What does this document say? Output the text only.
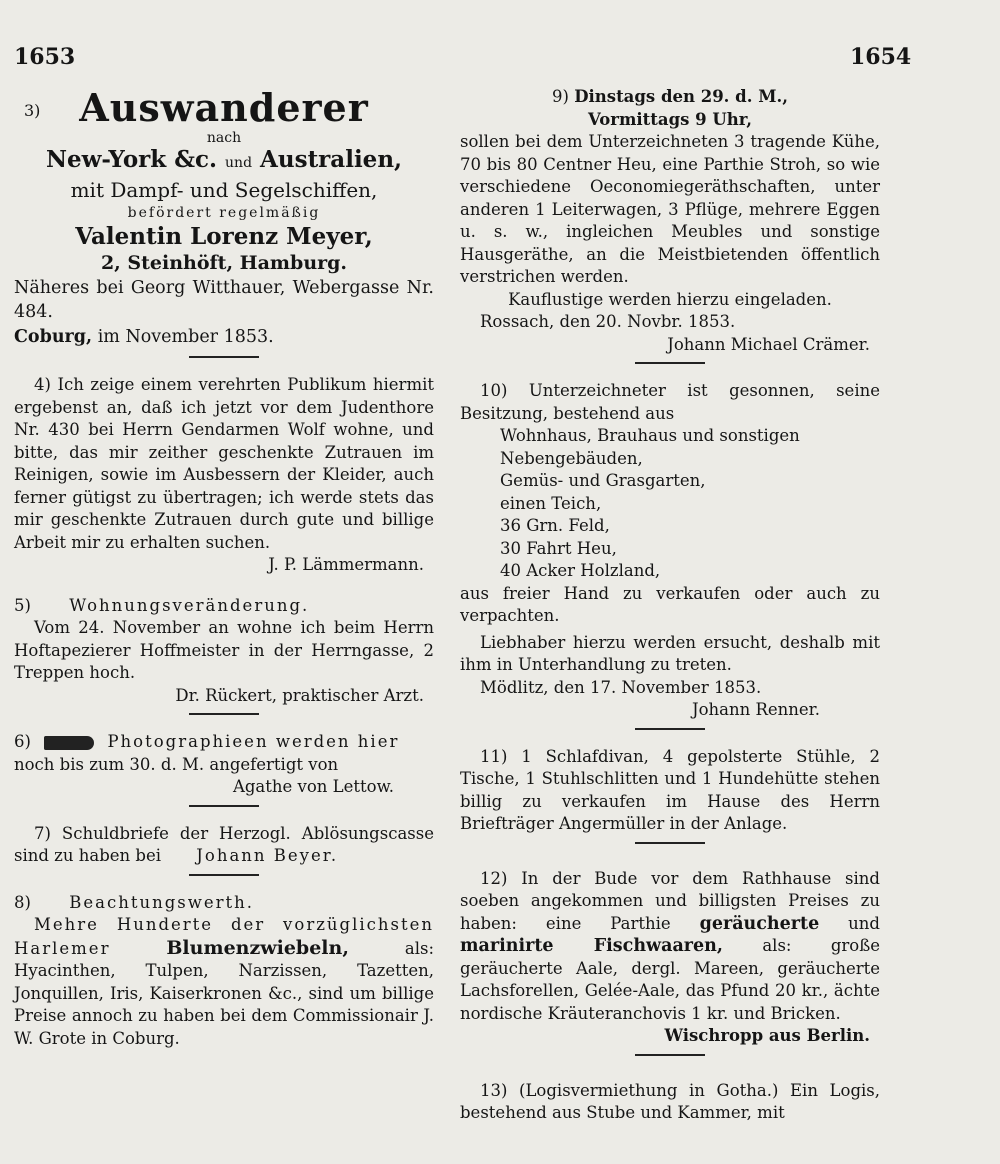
1653	1654
3) Auswanderer
nach
New-York &c. und Australien,
mit Dampf- und Segelschiffen,
befördert regelmäßig
Valentin Lorenz Meyer,
2, Steinhöft, Hamburg.
Näheres bei Georg Witthauer, Webergasse Nr. 484.
Coburg, im November 1853.
4) Ich zeige einem verehrten Publikum hiermit ergebenst an, daß ich jetzt vor dem Judenthore Nr. 430 bei Herrn Gendarmen Wolf wohne, und bitte, das mir zeither geschenkte Zutrauen im Reinigen, sowie im Ausbessern der Kleider, auch ferner gütigst zu übertragen; ich werde stets das mir geschenkte Zutrauen durch gute und billige Arbeit mir zu erhalten suchen.
J. P. Lämmermann.
5) Wohnungsveränderung.
Vom 24. November an wohne ich beim Herrn Hoftapezierer Hoffmeister in der Herrngasse, 2 Treppen hoch.
Dr. Rückert, praktischer Arzt.
6)	Photographieen werden hier
noch bis zum 30. d. M. angefertigt von
Agathe von Lettow.
7) Schuldbriefe der Herzogl. Ablösungscasse sind zu haben bei Johann Beyer.
8) Beachtungswerth.
Mehre Hunderte der vorzüglichsten Harlemer	Blumenzwiebeln,	als: Hyacinthen, Tulpen, Narzissen, Tazetten, Jonquillen, Iris, Kaiserkronen &c., sind um billige Preise annoch zu haben bei dem Commissionair J. W. Grote in Coburg.
9) Dinstags den 29. d. M.,
Vormittags 9 Uhr,
sollen bei dem Unterzeichneten 3 tragende Kühe, 70 bis 80 Centner Heu, eine Parthie Stroh, so wie verschiedene Oeconomiegeräthschaften, unter anderen 1 Leiterwagen, 3 Pflüge, mehrere Eggen u. s. w., ingleichen Meubles und sonstige Hausgeräthe, an die Meistbietenden öffentlich verstrichen werden.
Kauflustige werden hierzu eingeladen.
Rossach, den 20. Novbr. 1853.
Johann Michael Crämer.
10) Unterzeichneter ist gesonnen, seine Besitzung, bestehend aus
Wohnhaus, Brauhaus und sonstigen Nebengebäuden,
Gemüs- und Grasgarten,
einen Teich,
36 Grn. Feld,
30 Fahrt Heu,
40 Acker Holzland,
aus freier Hand zu verkaufen oder auch zu verpachten.
Liebhaber hierzu werden ersucht, deshalb mit ihm in Unterhandlung zu treten.
Mödlitz, den 17. November 1853.
Johann Renner.
11) 1 Schlafdivan, 4 gepolsterte Stühle, 2 Tische, 1 Stuhlschlitten und 1 Hundehütte stehen billig zu verkaufen im Hause des Herrn Briefträger Angermüller in der Anlage.
12) In der Bude vor dem Rathhause sind soeben angekommen und billigsten Preises zu haben: eine Parthie geräucherte und marinirte Fischwaaren, als: große geräucherte Aale, dergl. Mareen, geräucherte Lachsforellen, Gelée-Aale, das Pfund 20 kr., ächte nordische Kräuteranchovis 1 kr. und Bricken.
Wischropp aus Berlin.
13) (Logisvermiethung in Gotha.) Ein Logis, bestehend aus Stube und Kammer, mit
